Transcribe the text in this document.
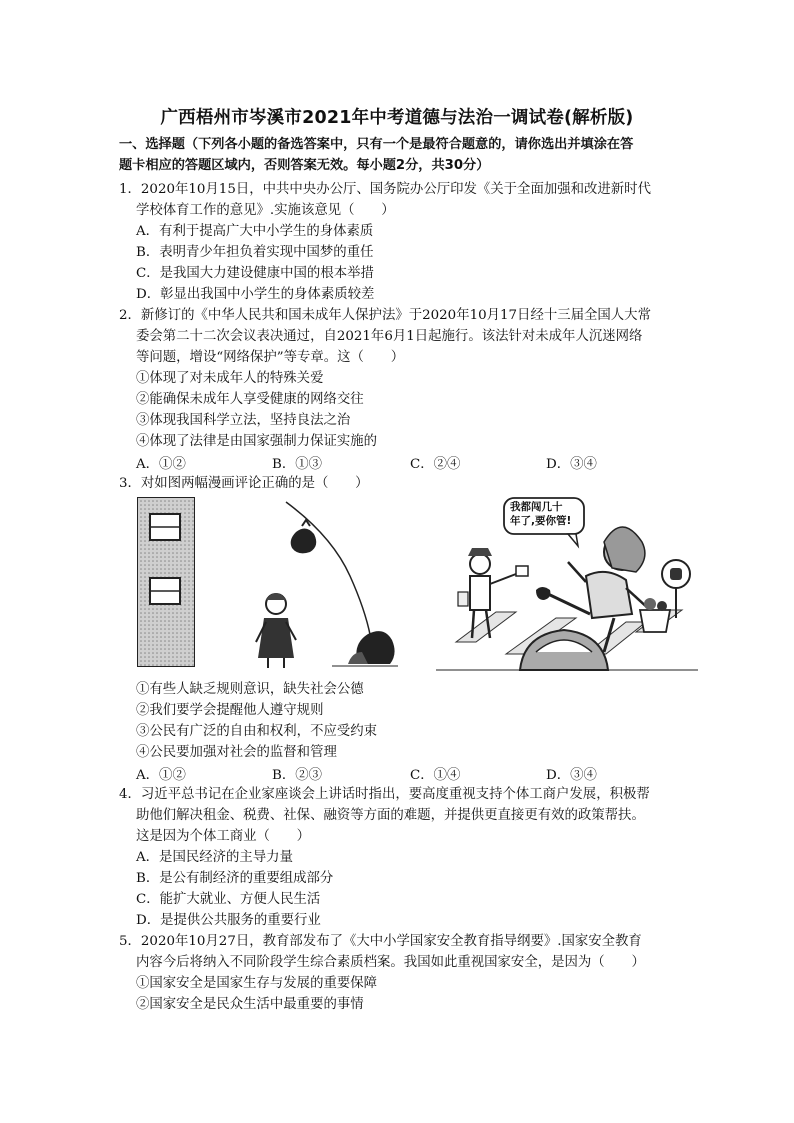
广西梧州市岑溪市2021年中考道德与法治一调试卷(解析版)
一、选择题（下列各小题的备选答案中，只有一个是最符合题意的，请你选出并填涂在答
题卡相应的答题区域内，否则答案无效。每小题2分，共30分）
1．2020年10月15日，中共中央办公厅、国务院办公厅印发《关于全面加强和改进新时代
学校体育工作的意见》.实施该意见（　　）
A．有利于提高广大中小学生的身体素质
B．表明青少年担负着实现中国梦的重任
C．是我国大力建设健康中国的根本举措
D．彰显出我国中小学生的身体素质较差
2．新修订的《中华人民共和国未成年人保护法》于2020年10月17日经十三届全国人大常
委会第二十二次会议表决通过，自2021年6月1日起施行。该法针对未成年人沉迷网络
等问题，增设“网络保护”等专章。这（　　）
①体现了对未成年人的特殊关爱
②能确保未成年人享受健康的网络交往
③体现我国科学立法，坚持良法之治
④体现了法律是由国家强制力保证实施的
A．①②	B．①③	C．②④	D．③④
3．对如图两幅漫画评论正确的是（　　）
我都闯几十
年了,要你管!
①有些人缺乏规则意识，缺失社会公德
②我们要学会提醒他人遵守规则
③公民有广泛的自由和权利，不应受约束
④公民要加强对社会的监督和管理
A．①②	B．②③	C．①④	D．③④
4．习近平总书记在企业家座谈会上讲话时指出，要高度重视支持个体工商户发展，积极帮
助他们解决租金、税费、社保、融资等方面的难题，并提供更直接更有效的政策帮扶。
这是因为个体工商业（　　）
A．是国民经济的主导力量
B．是公有制经济的重要组成部分
C．能扩大就业、方便人民生活
D．是提供公共服务的重要行业
5．2020年10月27日，教育部发布了《大中小学国家安全教育指导纲要》.国家安全教育
内容今后将纳入不同阶段学生综合素质档案。我国如此重视国家安全，是因为（　　）
①国家安全是国家生存与发展的重要保障
②国家安全是民众生活中最重要的事情
